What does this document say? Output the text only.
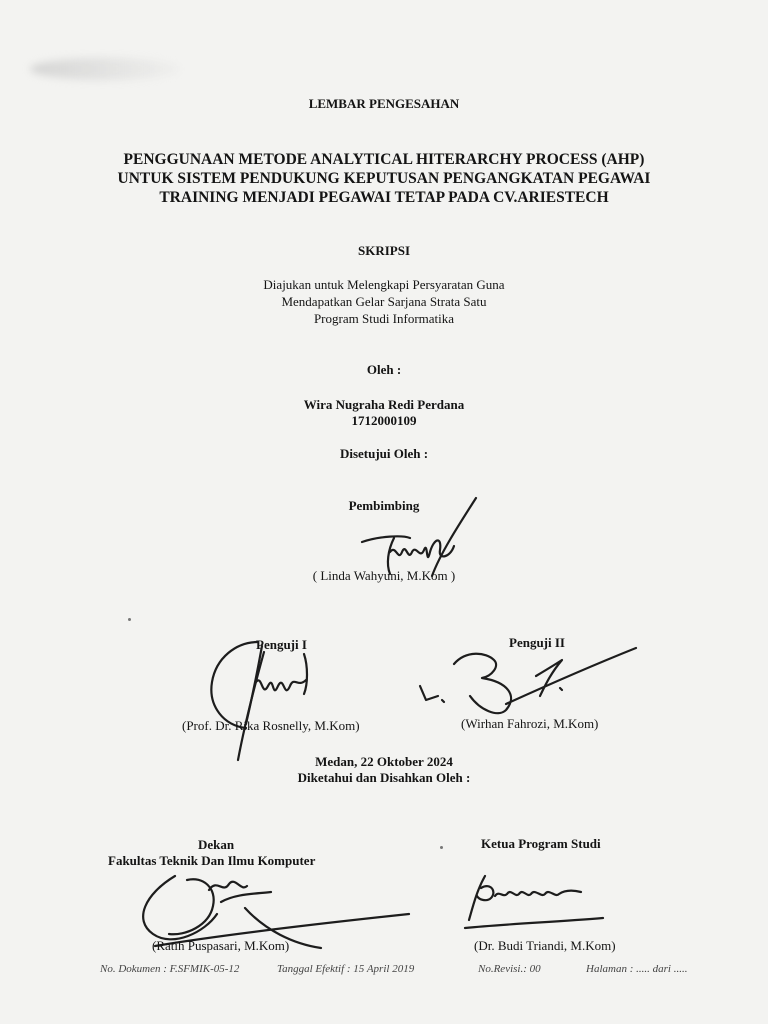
LEMBAR PENGESAHAN
PENGGUNAAN METODE ANALYTICAL HITERARCHY PROCESS (AHP)
UNTUK SISTEM PENDUKUNG KEPUTUSAN PENGANGKATAN PEGAWAI
TRAINING MENJADI PEGAWAI TETAP PADA CV.ARIESTECH
SKRIPSI
Diajukan untuk Melengkapi Persyaratan Guna
Mendapatkan Gelar Sarjana Strata Satu
Program Studi Informatika
Oleh :
Wira Nugraha Redi Perdana
1712000109
Disetujui Oleh :
Pembimbing
( Linda Wahyuni, M.Kom )
Penguji I	Penguji II
(Prof. Dr. Rika Rosnelly, M.Kom)	(Wirhan Fahrozi, M.Kom)
Medan, 22 Oktober 2024
Diketahui dan Disahkan Oleh :
Dekan
Fakultas Teknik Dan Ilmu Komputer
Ketua Program Studi
(Ratih Puspasari, M.Kom)	(Dr. Budi Triandi, M.Kom)
No. Dokumen : F.SFMIK-05-12	Tanggal Efektif : 15 April 2019	No.Revisi.: 00	Halaman : ..... dari .....
